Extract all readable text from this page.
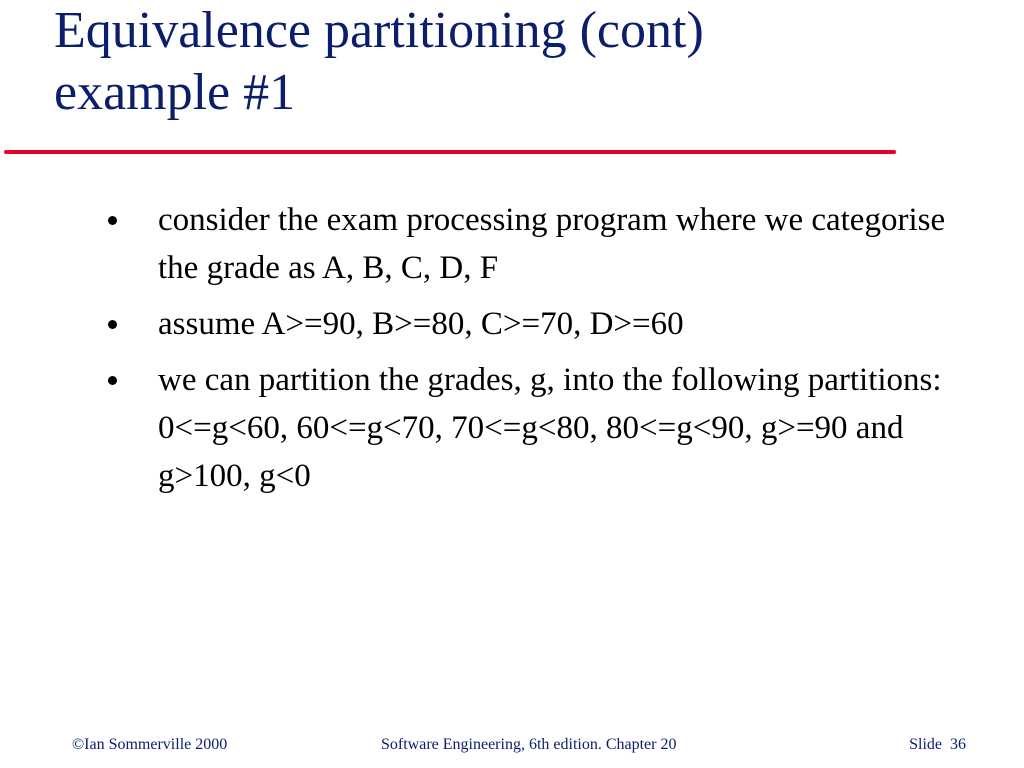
Equivalence partitioning (cont)
example #1
consider the exam processing program where we categorise the grade as A, B, C, D, F
assume A>=90, B>=80, C>=70, D>=60
we can partition the grades, g, into the following partitions: 0<=g<60, 60<=g<70, 70<=g<80, 80<=g<90, g>=90 and g>100, g<0
©Ian Sommerville 2000	Software Engineering, 6th edition. Chapter 20	Slide 36
